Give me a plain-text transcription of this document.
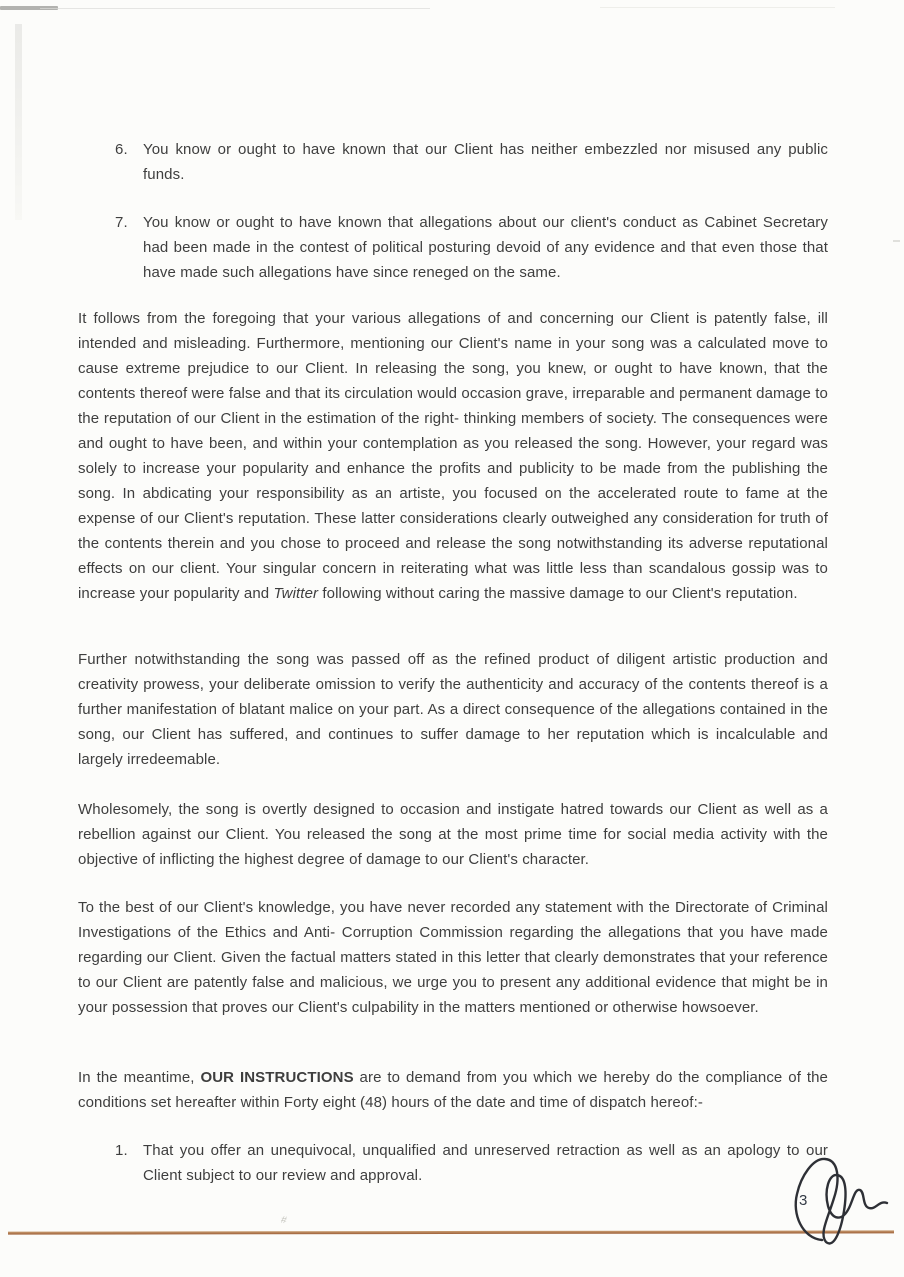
#
6.	You know or ought to have known that our Client has neither embezzled nor misused any public funds.

7.	You know or ought to have known that allegations about our client's conduct as Cabinet Secretary had been made in the contest of political posturing devoid of any evidence and that even those that have made such allegations have since reneged on the same.

It follows from the foregoing that your various allegations of and concerning our Client is patently false, ill intended and misleading. Furthermore, mentioning our Client's name in your song was a calculated move to cause extreme prejudice to our Client. In releasing the song, you knew, or ought to have known, that the contents thereof were false and that its circulation would occasion grave, irreparable and permanent damage to the reputation of our Client in the estimation of the right- thinking members of society. The consequences were and ought to have been, and within your contemplation as you released the song. However, your regard was solely to increase your popularity and enhance the profits and publicity to be made from the publishing the song. In abdicating your responsibility as an artiste, you focused on the accelerated route to fame at the expense of our Client's reputation. These latter considerations clearly outweighed any consideration for truth of the contents therein and you chose to proceed and release the song notwithstanding its adverse reputational effects on our client. Your singular concern in reiterating what was little less than scandalous gossip was to increase your popularity and Twitter following without caring the massive damage to our Client's reputation.

Further notwithstanding the song was passed off as the refined product of diligent artistic production and creativity prowess, your deliberate omission to verify the authenticity and accuracy of the contents thereof is a further manifestation of blatant malice on your part. As a direct consequence of the allegations contained in the song, our Client has suffered, and continues to suffer damage to her reputation which is incalculable and largely irredeemable.

Wholesomely, the song is overtly designed to occasion and instigate hatred towards our Client as well as a rebellion against our Client. You released the song at the most prime time for social media activity with the objective of inflicting the highest degree of damage to our Client's character.

To the best of our Client's knowledge, you have never recorded any statement with the Directorate of Criminal Investigations of the Ethics and Anti- Corruption Commission regarding the allegations that you have made regarding our Client. Given the factual matters stated in this letter that clearly demonstrates that your reference to our Client are patently false and malicious, we urge you to present any additional evidence that might be in your possession that proves our Client's culpability in the matters mentioned or otherwise howsoever.

In the meantime, OUR INSTRUCTIONS are to demand from you which we hereby do the compliance of the conditions set hereafter within Forty eight (48) hours of the date and time of dispatch hereof:-

1.	That you offer an unequivocal, unqualified and unreserved retraction as well as an apology to our Client subject to our review and approval.

3
